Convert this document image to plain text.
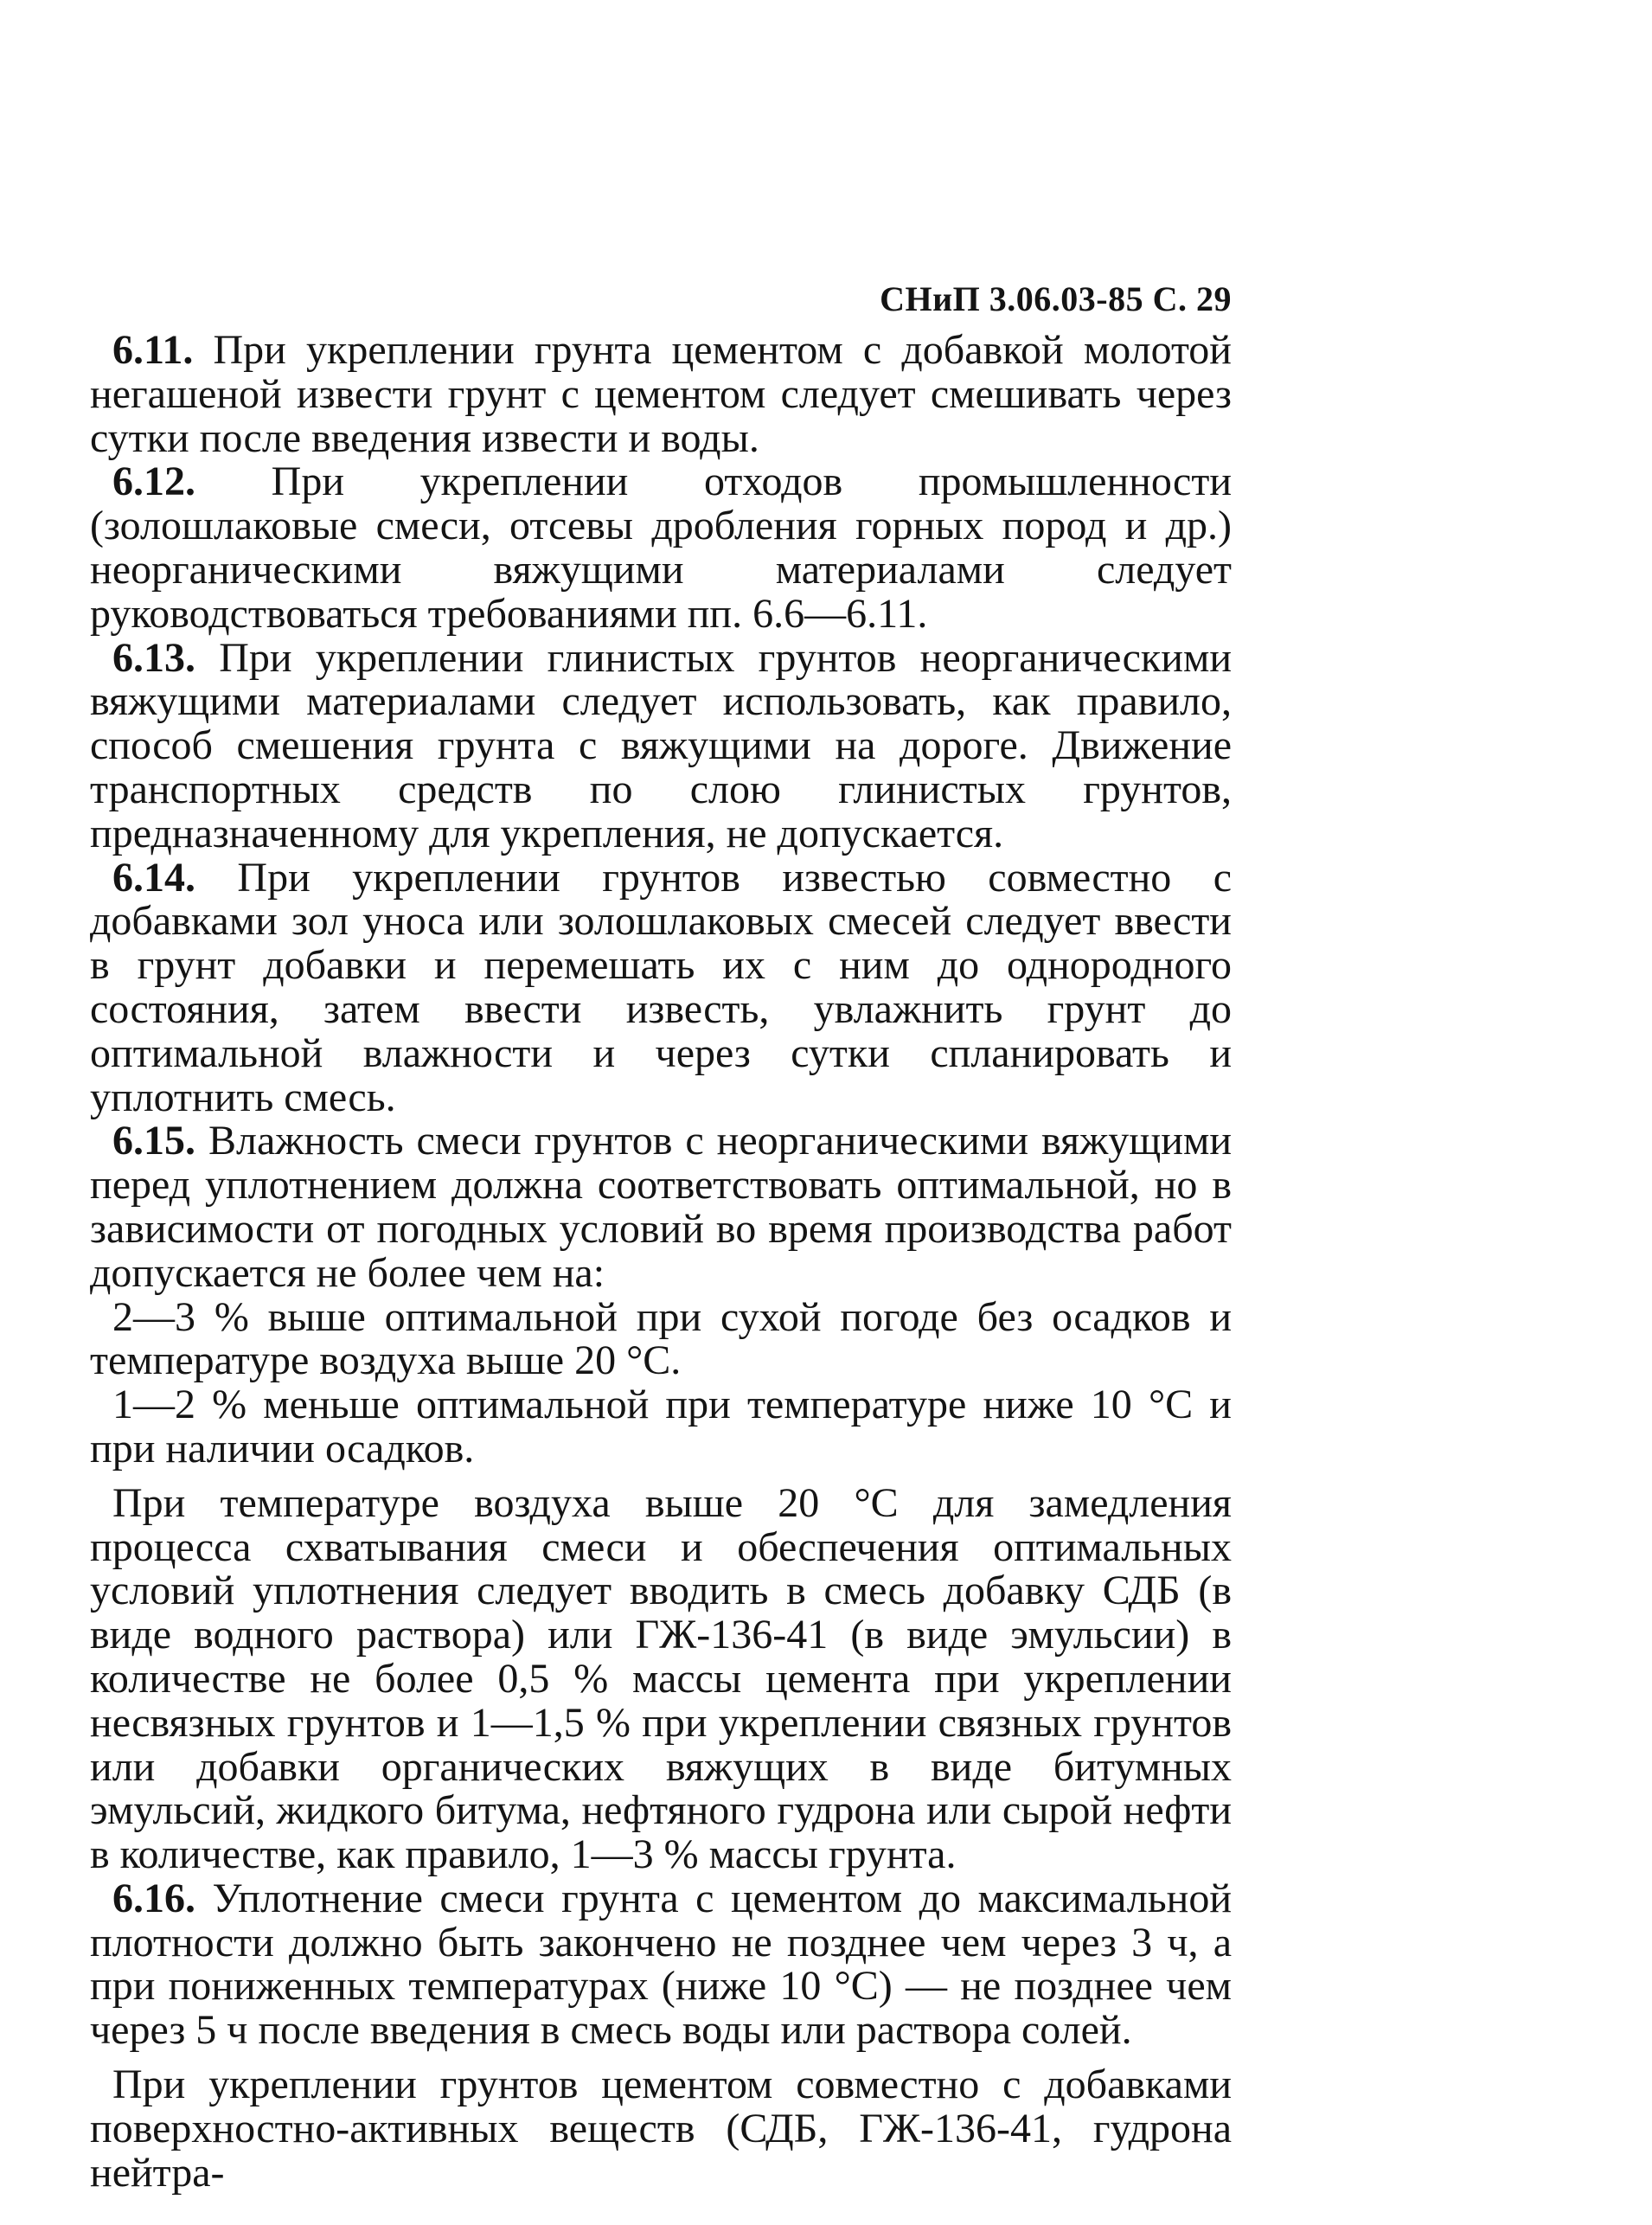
СНиП 3.06.03-85 С. 29

6.11. При укреплении грунта цементом с добавкой молотой негашеной извести грунт с цементом следует смешивать через сутки после введения извести и воды.

6.12. При укреплении отходов промышленности (золошлаковые смеси, отсевы дробления горных пород и др.) неорганическими вяжущими материалами следует руководствоваться требованиями пп. 6.6—6.11.

6.13. При укреплении глинистых грунтов неорганическими вяжущими материалами следует использовать, как правило, способ смешения грунта с вяжущими на дороге. Движение транспортных средств по слою глинистых грунтов, предназначенному для укрепления, не допускается.

6.14. При укреплении грунтов известью совместно с добавками зол уноса или золошлаковых смесей следует ввести в грунт добавки и перемешать их с ним до однородного состояния, затем ввести известь, увлажнить грунт до оптимальной влажности и через сутки спланировать и уплотнить смесь.

6.15. Влажность смеси грунтов с неорганическими вяжущими перед уплотнением должна соответствовать оптимальной, но в зависимости от погодных условий во время производства работ допускается не более чем на:

2—3 % выше оптимальной при сухой погоде без осадков и температуре воздуха выше 20 °С.

1—2 % меньше оптимальной при температуре ниже 10 °С и при наличии осадков.

При температуре воздуха выше 20 °С для замедления процесса схватывания смеси и обеспечения оптимальных условий уплотнения следует вводить в смесь добавку СДБ (в виде водного раствора) или ГЖ-136-41 (в виде эмульсии) в количестве не более 0,5 % массы цемента при укреплении несвязных грунтов и 1—1,5 % при укреплении связных грунтов или добавки органических вяжущих в виде битумных эмульсий, жидкого битума, нефтяного гудрона или сырой нефти в количестве, как правило, 1—3 % массы грунта.

6.16. Уплотнение смеси грунта с цементом до максимальной плотности должно быть закончено не позднее чем через 3 ч, а при пониженных температурах (ниже 10 °С) — не позднее чем через 5 ч после введения в смесь воды или раствора солей.

При укреплении грунтов цементом совместно с добавками поверхностно-активных веществ (СДБ, ГЖ-136-41, гудрона нейтра-
